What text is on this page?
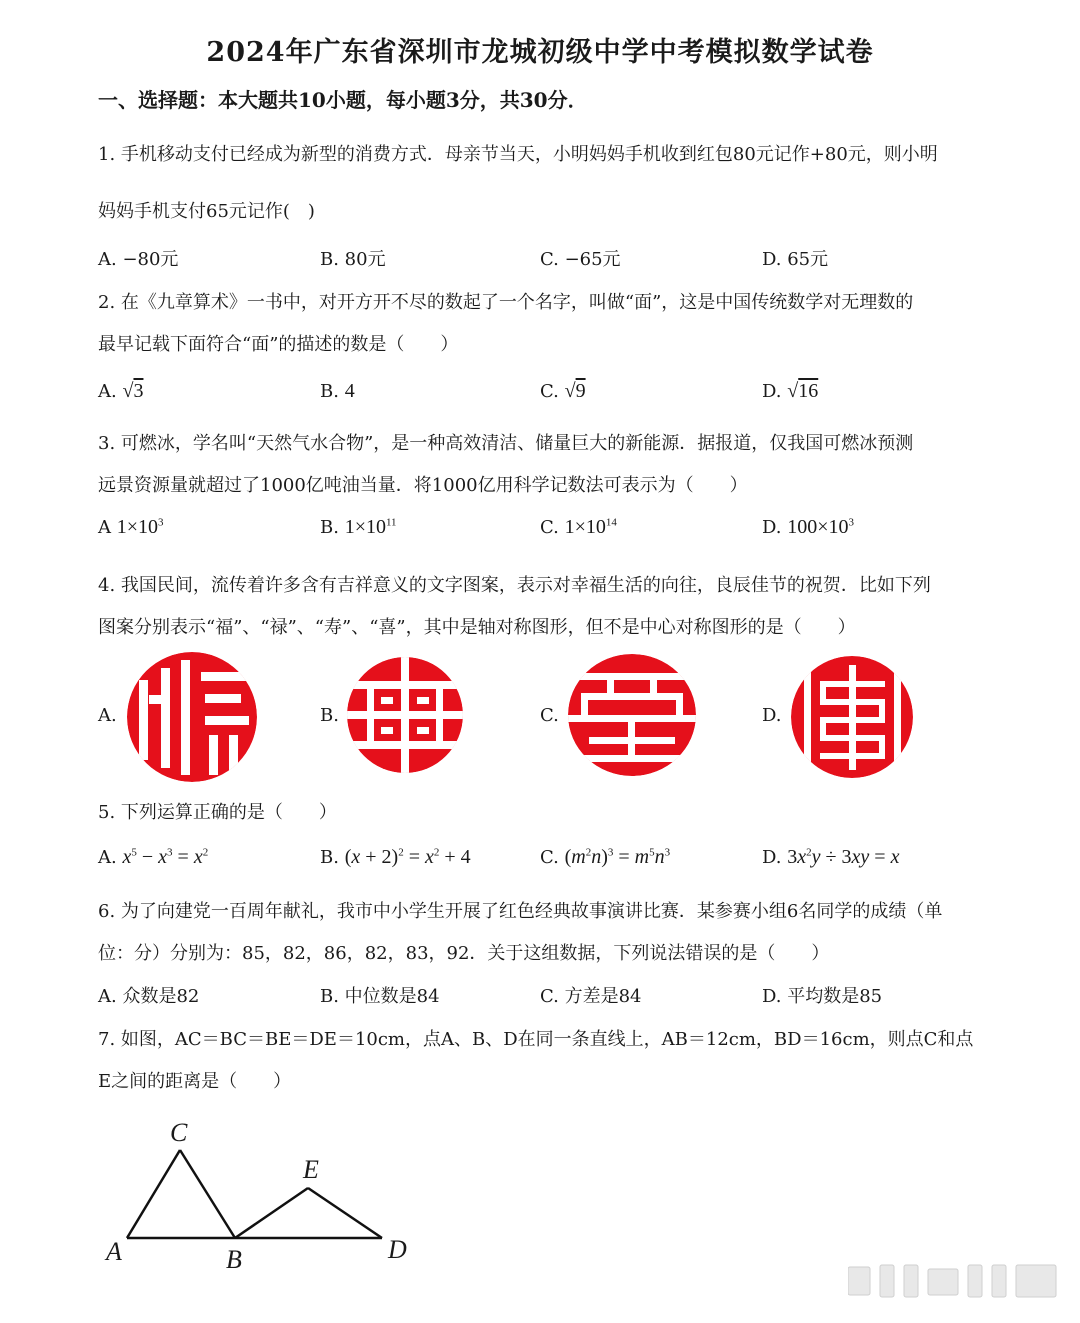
2024年广东省深圳市龙城初级中学中考模拟数学试卷
一、选择题：本大题共10小题，每小题3分，共30分．
1. 手机移动支付已经成为新型的消费方式．母亲节当天，小明妈妈手机收到红包80元记作+80元，则小明
妈妈手机支付65元记作(　)
A. −80元	B. 80元	C. −65元	D. 65元
2. 在《九章算术》一书中，对开方开不尽的数起了一个名字，叫做“面”，这是中国传统数学对无理数的
最早记载下面符合“面”的描述的数是（　　）
A. √3	B. 4	C. √9	D. √16
3. 可燃冰，学名叫“天然气水合物”，是一种高效清洁、储量巨大的新能源．据报道，仅我国可燃冰预测
远景资源量就超过了1000亿吨油当量．将1000亿用科学记数法可表示为（　　）
A $1\times 10^3$	B. $1\times 10^{11}$	C. $1\times 10^{14}$	D. $100\times 10^3$
4. 我国民间，流传着许多含有吉祥意义的文字图案，表示对幸福生活的向往，良辰佳节的祝贺．比如下列
图案分别表示“福”、“禄”、“寿”、“喜”，其中是轴对称图形，但不是中心对称图形的是（　　）
A.	B.	C.	D.
5. 下列运算正确的是（　　）
A. $x^5 - x^3 = x^2$	B. $(x + 2)^2 = x^2 + 4$	C. $(m^2n)^3 = m^5n^3$	D. $3x^2y \div 3xy = x$
6. 为了向建党一百周年献礼，我市中小学生开展了红色经典故事演讲比赛．某参赛小组6名同学的成绩（单
位：分）分别为：85，82，86，82，83，92．关于这组数据，下列说法错误的是（　　）
A. 众数是82	B. 中位数是84	C. 方差是84	D. 平均数是85
7. 如图，AC＝BC＝BE＝DE＝10cm，点A、B、D在同一条直线上，AB＝12cm，BD＝16cm，则点C和点
E之间的距离是（　　）
A	B
C
D
E
